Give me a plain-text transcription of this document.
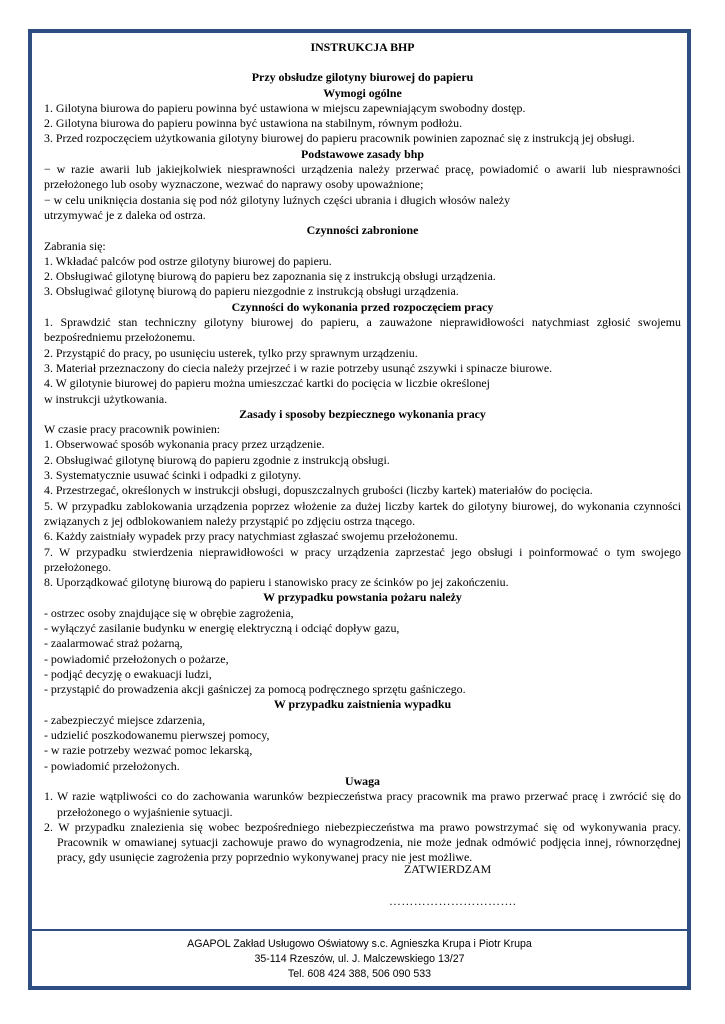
INSTRUKCJA BHP
Przy obsłudze gilotyny biurowej do papieru

Wymogi ogólne

1. Gilotyna biurowa do papieru powinna być ustawiona w miejscu zapewniającym swobodny dostęp.

2. Gilotyna biurowa do papieru powinna być ustawiona na stabilnym, równym podłożu.

3. Przed rozpoczęciem użytkowania gilotyny biurowej do papieru pracownik powinien zapoznać się z instrukcją jej obsługi.

Podstawowe zasady bhp

− w razie awarii lub jakiejkolwiek niesprawności urządzenia należy przerwać pracę, powiadomić o awarii lub niesprawności przełożonego lub osoby wyznaczone, wezwać do naprawy osoby upoważnione;

− w celu uniknięcia dostania się pod nóż gilotyny luźnych części ubrania i długich włosów należy

utrzymywać je z daleka od ostrza.

Czynności zabronione

Zabrania się:

1. Wkładać palców pod ostrze gilotyny biurowej do papieru.

2. Obsługiwać gilotynę biurową do papieru bez zapoznania się z instrukcją obsługi urządzenia.

3. Obsługiwać gilotynę biurową do papieru niezgodnie z instrukcją obsługi urządzenia.

Czynności do wykonania przed rozpoczęciem pracy

1. Sprawdzić stan techniczny gilotyny biurowej do papieru, a zauważone nieprawidłowości natychmiast zgłosić swojemu bezpośredniemu przełożonemu.

2. Przystąpić do pracy, po usunięciu usterek, tylko przy sprawnym urządzeniu.

3. Materiał przeznaczony do ciecia należy przejrzeć i w razie potrzeby usunąć zszywki i spinacze biurowe.

4. W gilotynie biurowej do papieru można umieszczać kartki do pocięcia w liczbie określonej

w instrukcji użytkowania.

Zasady i sposoby bezpiecznego wykonania pracy

W czasie pracy pracownik powinien:

1. Obserwować sposób wykonania pracy przez urządzenie.

2. Obsługiwać gilotynę biurową do papieru zgodnie z instrukcją obsługi.

3. Systematycznie usuwać ścinki i odpadki z gilotyny.

4. Przestrzegać, określonych w instrukcji obsługi, dopuszczalnych grubości (liczby kartek) materiałów do pocięcia.

5. W przypadku zablokowania urządzenia poprzez włożenie za dużej liczby kartek do gilotyny biurowej, do wykonania czynności związanych z jej odblokowaniem należy przystąpić po zdjęciu ostrza tnącego.

6. Każdy zaistniały wypadek przy pracy natychmiast zgłaszać swojemu przełożonemu.

7. W przypadku stwierdzenia nieprawidłowości w pracy urządzenia zaprzestać jego obsługi i poinformować o tym swojego przełożonego.

8. Uporządkować gilotynę biurową do papieru i stanowisko pracy ze ścinków po jej zakończeniu.

W przypadku powstania pożaru należy

- ostrzec osoby znajdujące się w obrębie zagrożenia,

- wyłączyć zasilanie budynku w energię elektryczną i odciąć dopływ gazu,

- zaalarmować straż pożarną,

- powiadomić przełożonych o pożarze,

- podjąć decyzję o ewakuacji ludzi,

- przystąpić do prowadzenia akcji gaśniczej za pomocą podręcznego sprzętu gaśniczego.

W przypadku zaistnienia wypadku

- zabezpieczyć miejsce zdarzenia,

- udzielić poszkodowanemu pierwszej pomocy,

- w razie potrzeby wezwać pomoc lekarską,

- powiadomić przełożonych.

Uwaga

1. W razie wątpliwości co do zachowania warunków bezpieczeństwa pracy pracownik ma prawo przerwać pracę i zwrócić się do przełożonego o wyjaśnienie sytuacji.

2. W przypadku znalezienia się wobec bezpośredniego niebezpieczeństwa ma prawo powstrzymać się od wykonywania pracy. Pracownik w omawianej sytuacji zachowuje prawo do wynagrodzenia, nie może jednak odmówić podjęcia innej, równorzędnej pracy, gdy usunięcie zagrożenia przy poprzednio wykonywanej pracy nie jest możliwe.

ZATWIERDZAM
………………………….
AGAPOL Zakład Usługowo Oświatowy s.c. Agnieszka Krupa i Piotr Krupa
35-114 Rzeszów, ul. J. Malczewskiego 13/27
Tel. 608 424 388, 506 090 533
